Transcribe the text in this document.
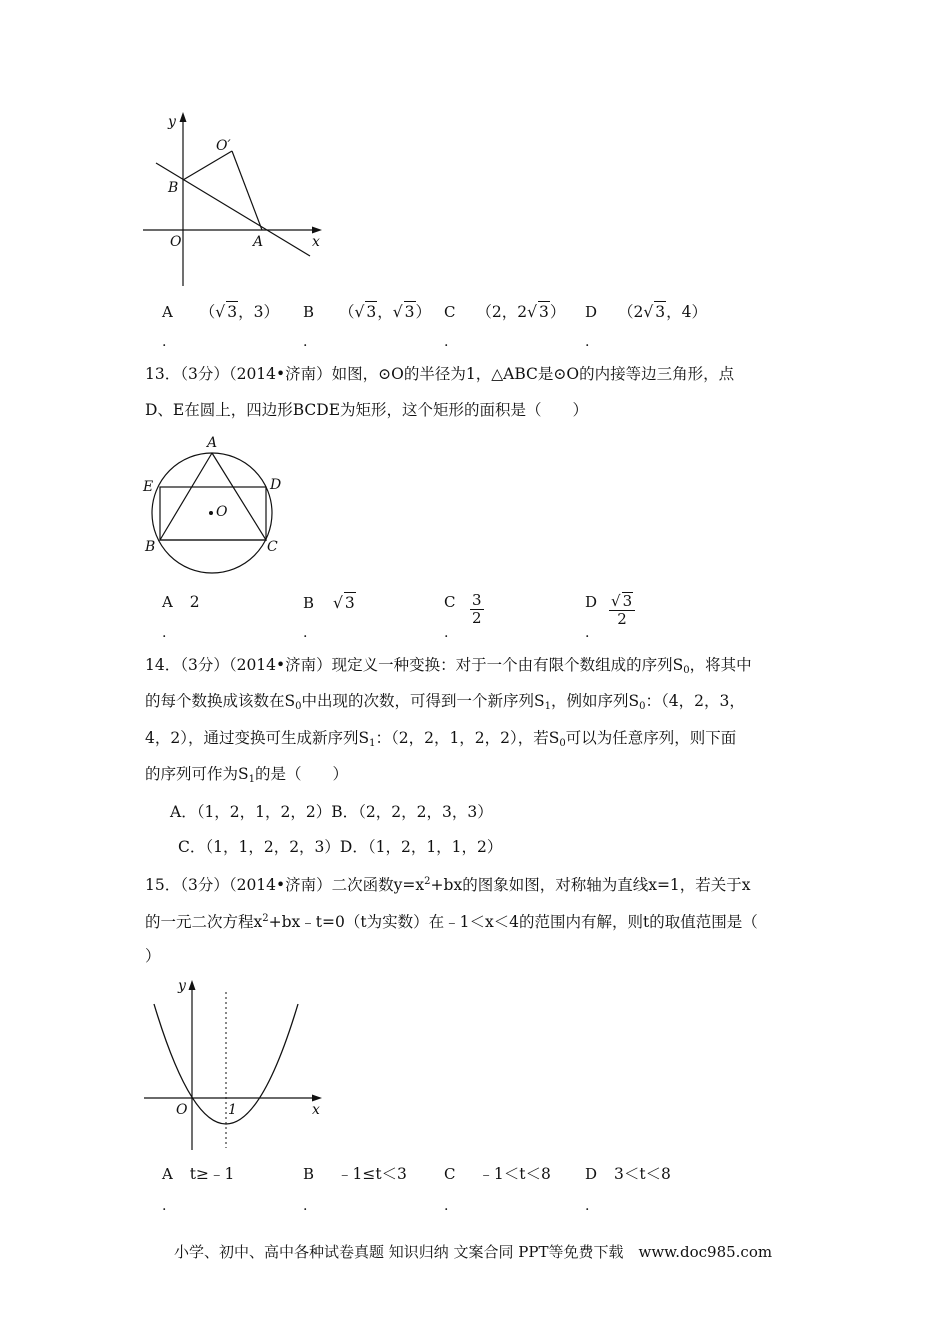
y
x
O
O′
B
A
A （√ 3，3） B （√ 3，√ 3） C （2，2√ 3） D （2√ 3，4）
.	.	.	.
13．（3分）（2014•济南）如图，⊙O的半径为1，△ABC是⊙O的内接等边三角形，点
D、E在圆上，四边形BCDE为矩形，这个矩形的面积是（　　）
A
E	D
O
B	C
A 2	B √ 3	C $\frac{3}{2}$	D $\frac{√ 3}{2}$
.	.	.	.
14．（3分）（2014•济南）现定义一种变换：对于一个由有限个数组成的序列$S_0$，将其中
的每个数换成该数在$S_0$中出现的次数，可得到一个新序列$S_1$，例如序列$S_0$：（4，2，3，
4，2），通过变换可生成新序列$S_1$：（2，2，1，2，2），若$S_0$可以为任意序列，则下面
的序列可作为$S_1$的是（　　）
A．（1，2，1，2，2）B．（2，2，2，3，3）
C．（1，1，2，2，3）D．（1，2，1，1，2）
15．（3分）（2014•济南）二次函数$y=x^2+bx$的图象如图，对称轴为直线x=1，若关于x
的一元二次方程$x^2+bx﹣t=0(t$为实数）在﹣1＜x＜4的范围内有解，则t的取值范围是（
）
y
x
O	1
A t≥﹣1	B ﹣1≤t＜3 C ﹣1＜t＜8 D 3＜t＜8
.	.	.	.
小学、初中、高中各种试卷真题 知识归纳 文案合同 PPT等免费下载　www.doc985.com
